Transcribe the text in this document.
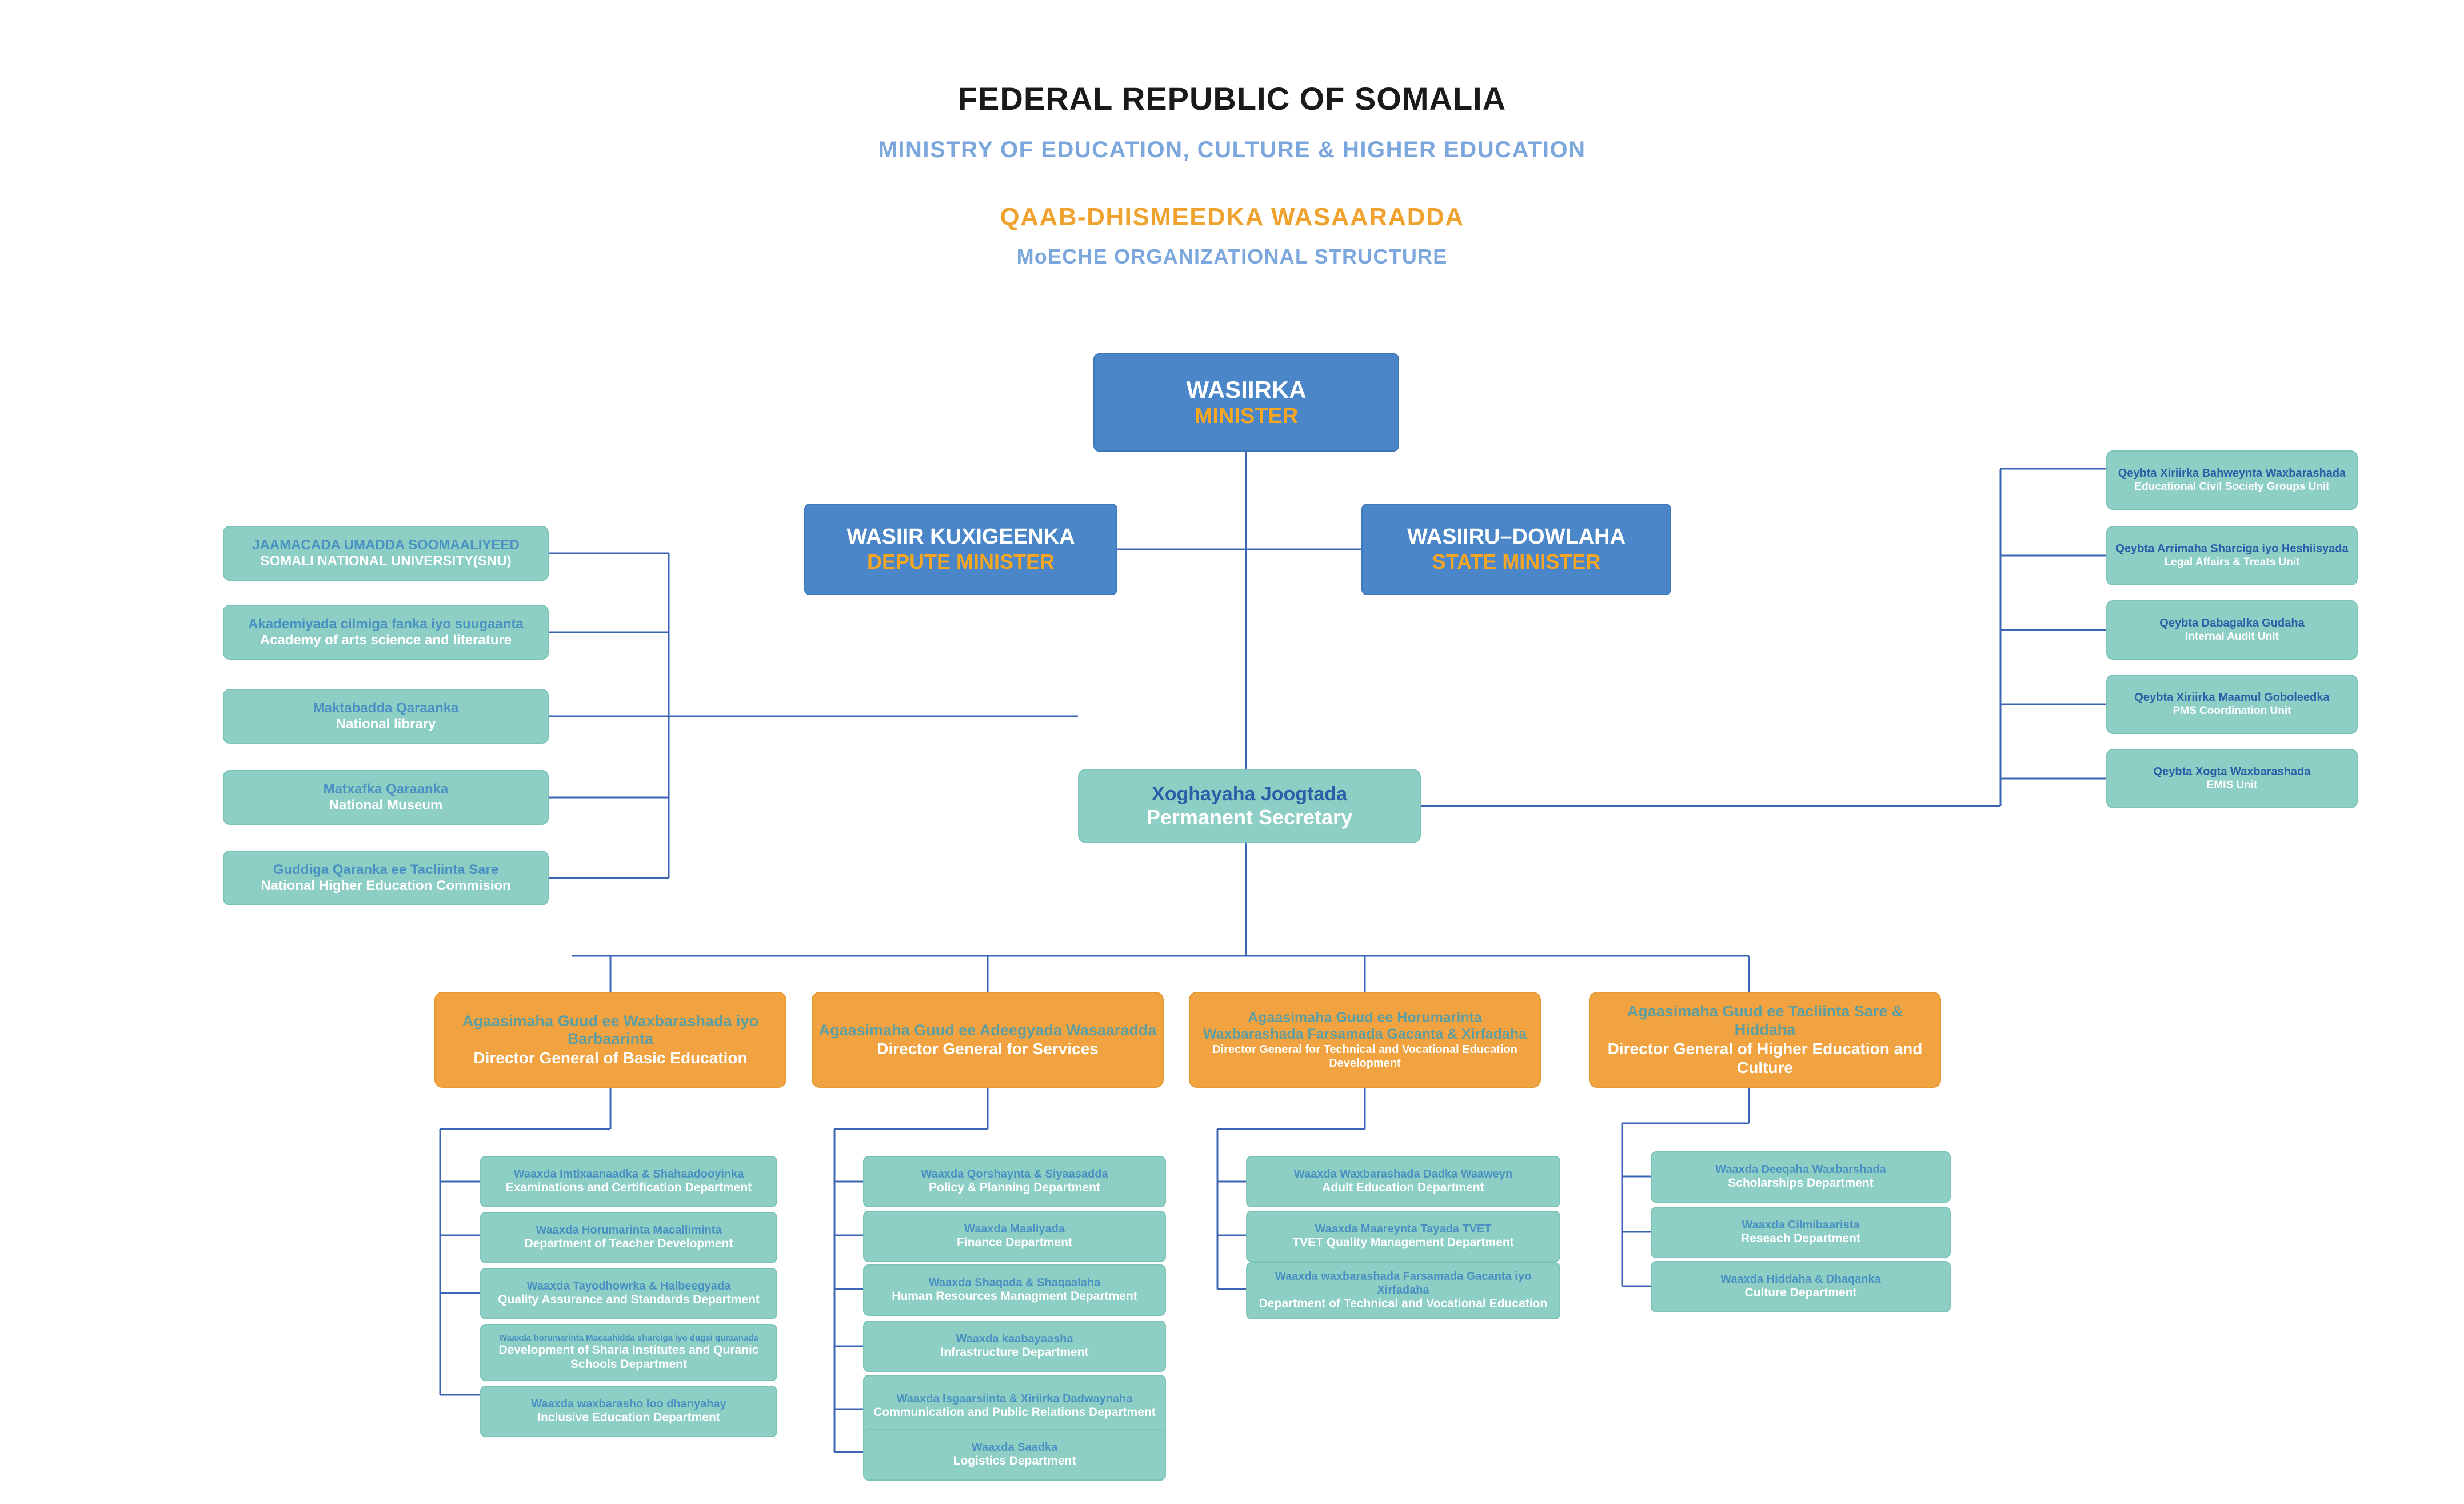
FEDERAL REPUBLIC OF SOMALIA
MINISTRY OF EDUCATION, CULTURE & HIGHER EDUCATION
QAAB-DHISMEEDKA WASAARADDA
MoECHE ORGANIZATIONAL STRUCTURE
WASIIRKA
MINISTER
WASIIR KUXIGEENKA
DEPUTE MINISTER
WASIIRU–DOWLAHA
STATE MINISTER
Xoghayaha Joogtada
Permanent Secretary
JAAMACADA UMADDA SOOMAALIYEED
SOMALI NATIONAL UNIVERSITY(SNU)
Akademiyada cilmiga fanka iyo suugaanta
Academy of arts science and literature
Maktabadda Qaraanka
National library
Matxafka Qaraanka
National Museum
Guddiga Qaranka ee Tacliinta Sare
National Higher Education Commision
Qeybta Xiriirka Bahweynta Waxbarashada
Educational Civil Society Groups Unit
Qeybta Arrimaha Sharciga iyo Heshiisyada
Legal Affairs & Treats Unit
Qeybta Dabagalka Gudaha
Internal Audit Unit
Qeybta Xiriirka Maamul Goboleedka
PMS Coordination Unit
Qeybta Xogta Waxbarashada
EMIS Unit
Agaasimaha Guud ee Waxbarashada iyo Barbaarinta
Director General of Basic Education
Agaasimaha Guud ee Adeegyada Wasaaradda
Director General for Services
Agaasimaha Guud ee Horumarinta Waxbarashada Farsamada Gacanta & Xirfadaha
Director General for Technical and Vocational Education Development
Agaasimaha Guud ee Tacliinta Sare & Hiddaha
Director General of Higher Education and Culture
Waaxda Imtixaanaadka & Shahaadooyinka
Examinations and Certification Department
Waaxda Horumarinta Macalliminta
Department of Teacher Development
Waaxda Tayodhowrka & Halbeegyada
Quality Assurance and Standards Department
Waaxda horumarinta Macaahidda sharciga iyo dugsi quraanada
Development of Sharia Institutes and Quranic Schools Department
Waaxda waxbarasho loo dhanyahay
Inclusive Education Department
Waaxda Qorshaynta & Siyaasadda
Policy & Planning Department
Waaxda Maaliyada
Finance Department
Waaxda Shaqada & Shaqaalaha
Human Resources Managment Department
Waaxda kaabayaasha
Infrastructure Department
Waaxda Isgaarsiinta & Xiriirka Dadwaynaha
Communication and Public Relations Department
Waaxda Saadka
Logistics Department
Waaxda Waxbarashada Dadka Waaweyn
Adult Education Department
Waaxda Maareynta Tayada TVET
TVET Quality Management Department
Waaxda waxbarashada Farsamada Gacanta iyo Xirfadaha
Department of Technical and Vocational Education
Waaxda Deeqaha Waxbarshada
Scholarships Department
Waaxda Cilmibaarista
Reseach Department
Waaxda Hiddaha & Dhaqanka
Culture Department
